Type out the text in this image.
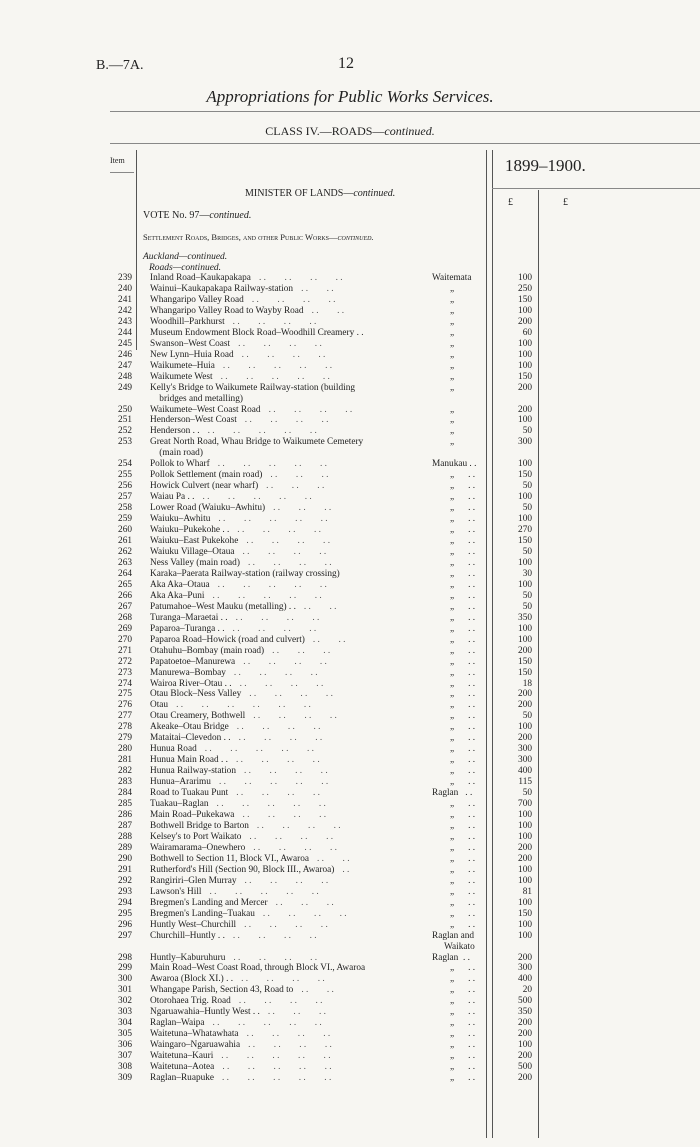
B.—7A.	12
Appropriations for Public Works Services.
CLASS IV.—ROADS—continued.
Item	1899–1900.
£	£
MINISTER OF LANDS—continued.
VOTE No. 97—continued.
Settlement Roads, Bridges, and other Public Works—continued.
Auckland—continued.
Roads—continued.
239 Inland Road–Kaukapakapa . .        . .        . .        . .	Waitemata	100
240 Wainui–Kaukapakapa Railway-station . .        . .	„	250
241 Whangaripo Valley Road . .        . .        . .        . .	„	150
242 Whangaripo Valley Road to Wayby Road . .        . .	„	100
243 Woodhill–Parkhurst . .        . .        . .        . .	„	200
244 Museum Endowment Block Road–Woodhill Creamery . .	„	60
245 Swanson–West Coast . .        . .        . .        . .	„	100
246 New Lynn–Huia Road . .        . .        . .        . .	„	100
247 Waikumete–Huia . .        . .        . .        . .        . .	„	100
248 Waikumete West . .        . .        . .        . .        . .	„	150
249 Kelly's Bridge to Waikumete Railway-station (building	„	200
bridges and metalling)
250 Waikumete–West Coast Road . .        . .        . .        . .	„	200
251 Henderson–West Coast . .        . .        . .        . .	„	100
252 Henderson . . . .        . .        . .        . .        . .	„	50
253 Great North Road, Whau Bridge to Waikumete Cemetery	„	300
(main road)
254 Pollok to Wharf . .        . .        . .        . .        . .	Manukau . .	100
255 Pollok Settlement (main road) . .        . .        . .	„      . .	150
256 Howick Culvert (near wharf) . .        . .        . .	„      . .	50
257 Waiau Pa . . . .        . .        . .        . .        . .	„      . .	100
258 Lower Road (Waiuku–Awhitu) . .        . .        . .	„      . .	50
259 Waiuku–Awhitu . .        . .        . .        . .        . .	„      . .	100
260 Waiuku–Pukekohe . . . .        . .        . .        . .	„      . .	270
261 Waiuku–East Pukekohe . .        . .        . .        . .	„      . .	150
262 Waiuku Village–Otaua . .        . .        . .        . .	„      . .	50
263 Ness Valley (main road) . .        . .        . .        . .	„      . .	100
264 Karaka–Paerata Railway-station (railway crossing)	„      . .	30
265 Aka Aka–Otaua . .        . .        . .        . .        . .	„      . .	100
266 Aka Aka–Puni . .        . .        . .        . .        . .	„      . .	50
267 Patumahoe–West Mauku (metalling) . . . .        . .	„      . .	50
268 Turanga–Maraetai . . . .        . .        . .        . .	„      . .	350
269 Paparoa–Turanga . . . .        . .        . .        . .	„      . .	100
270 Paparoa Road–Howick (road and culvert) . .        . .	„      . .	100
271 Otahuhu–Bombay (main road) . .        . .        . .	„      . .	200
272 Papatoetoe–Manurewa . .        . .        . .        . .	„      . .	150
273 Manurewa–Bombay . .        . .        . .        . .	„      . .	150
274 Wairoa River–Otau . . . .        . .        . .        . .	„      . .	18
275 Otau Block–Ness Valley . .        . .        . .        . .	„      . .	200
276 Otau . .        . .        . .        . .        . .        . .	„      . .	200
277 Otau Creamery, Bothwell . .        . .        . .        . .	„      . .	50
278 Akeake–Otau Bridge . .        . .        . .        . .	„      . .	100
279 Mataitai–Clevedon . . . .        . .        . .        . .	„      . .	200
280 Hunua Road . .        . .        . .        . .        . .	„      . .	300
281 Hunua Main Road . . . .        . .        . .        . .	„      . .	300
282 Hunua Railway-station . .        . .        . .        . .	„      . .	400
283 Hunua–Ararimu . .        . .        . .        . .        . .	„      . .	115
284 Road to Tuakau Punt . .        . .        . .        . .	Raglan   . .	50
285 Tuakau–Raglan . .        . .        . .        . .        . .	„      . .	700
286 Main Road–Pukekawa . .        . .        . .        . .	„      . .	100
287 Bothwell Bridge to Barton . .        . .        . .        . .	„      . .	100
288 Kelsey's to Port Waikato . .        . .        . .        . .	„      . .	100
289 Wairamarama–Onewhero . .        . .        . .        . .	„      . .	200
290 Bothwell to Section 11, Block VI., Awaroa . .        . .	„      . .	200
291 Rutherford's Hill (Section 90, Block III., Awaroa) . .	„      . .	100
292 Rangiriri–Glen Murray . .        . .        . .        . .	„      . .	100
293 Lawson's Hill . .        . .        . .        . .        . .	„      . .	81
294 Bregmen's Landing and Mercer . .        . .        . .	„      . .	100
295 Bregmen's Landing–Tuakau . .        . .        . .        . .	„      . .	150
296 Huntly West–Churchill . .        . .        . .        . .	„      . .	100
297 Churchill–Huntly . . . .        . .        . .        . .	Raglan and	100
Waikato
298 Huntly–Kaburuhuru . .        . .        . .        . .	Raglan  . .	200
299 Main Road–West Coast Road, through Block VI., Awaroa	„      . .	300
300 Awaroa (Block XI.) . . . .        . .        . .        . .	„      . .	400
301 Whangape Parish, Section 43, Road to . .        . .	„      . .	20
302 Otorohaea Trig. Road . .        . .        . .        . .	„      . .	500
303 Ngaruawahia–Huntly West . . . .        . .        . .	„      . .	350
304 Raglan–Waipa . .        . .        . .        . .        . .	„      . .	200
305 Waitetuna–Whatawhata . .        . .        . .        . .	„      . .	200
306 Waingaro–Ngaruawahia . .        . .        . .        . .	„      . .	100
307 Waitetuna–Kauri . .        . .        . .        . .        . .	„      . .	200
308 Waitetuna–Aotea . .        . .        . .        . .        . .	„      . .	500
309 Raglan–Ruapuke . .        . .        . .        . .        . .	„      . .	200
